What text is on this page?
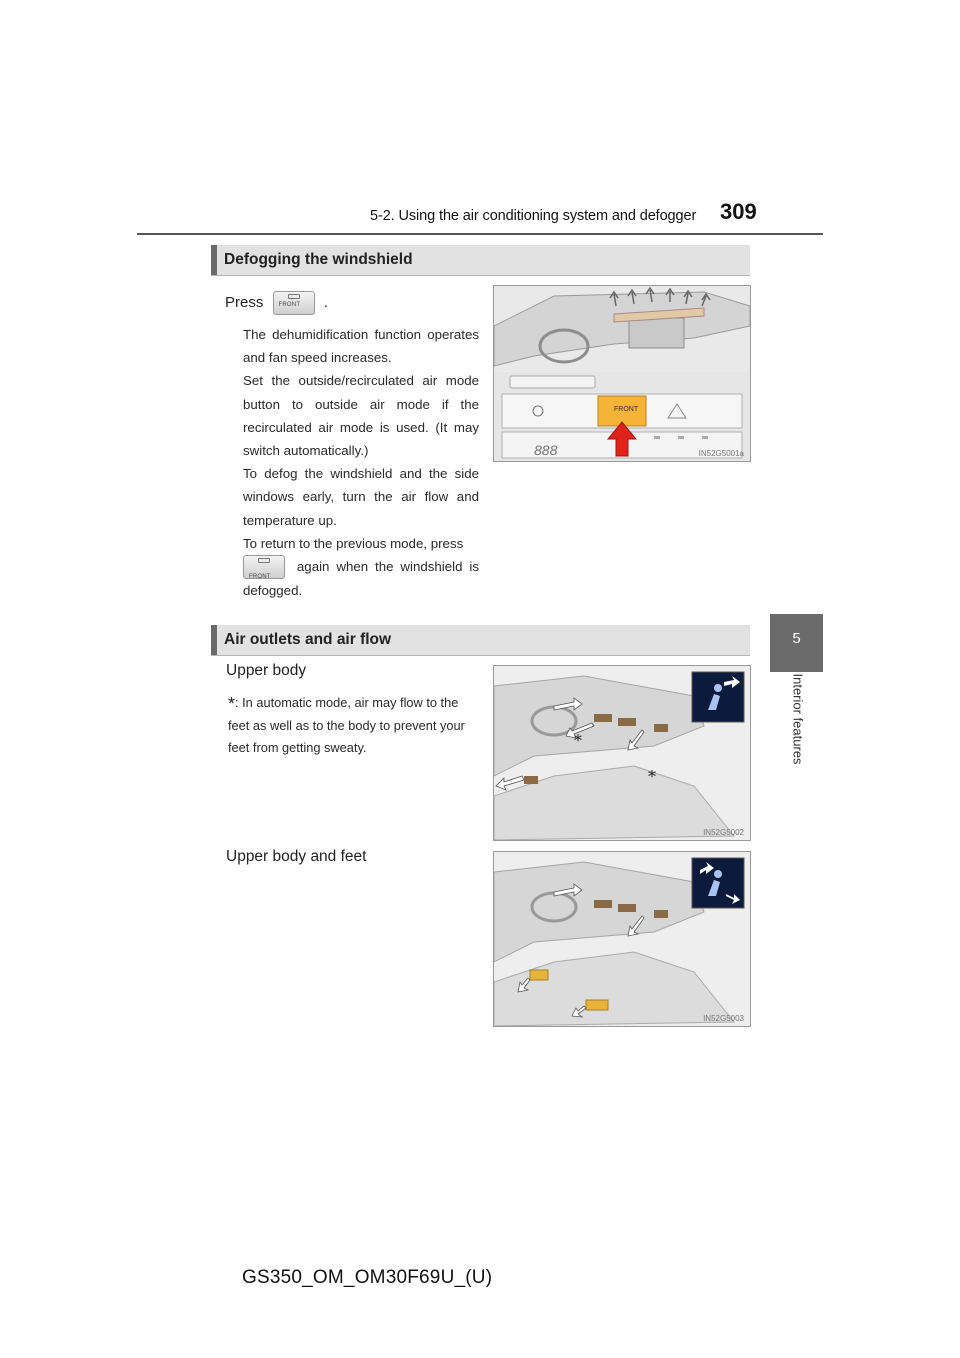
5-2. Using the air conditioning system and defogger 309
5
Interior features
Defogging the windshield
Press	FRONT .
The dehumidification function operates and fan speed increases.
Set the outside/recirculated air mode button to outside air mode if the recirculated air mode is used. (It may switch automatically.)
To defog the windshield and the side windows early, turn the air flow and temperature up.
To return to the previous mode, press
FRONT
again when the windshield is defogged.
FRONT
888	IN52G5001a
Air outlets and air flow
Upper body
*: In automatic mode, air may flow to the feet as well as to the body to prevent your feet from getting sweaty.	*
*
IN52G5002
Upper body and feet
IN52G5003
GS350_OM_OM30F69U_(U)
